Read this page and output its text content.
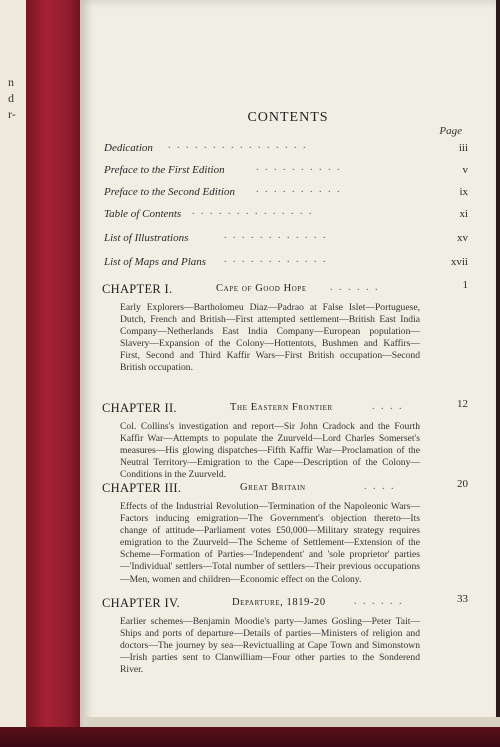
n
d
r-	CONTENTS
Page
Dedication . . . . . . . . . . . . . . . .	iii
Preface to the First Edition	. . . . . . . . . .	v
Preface to the Second Edition . . . . . . . . . .	ix
Table of Contents . . . . . . . . . . . . . .	xi
List of Illustrations	. . . . . . . . . . . .	xv
List of Maps and Plans . . . . . . . . . . . .	xvii
CHAPTER I.	Cape of Good Hope . . . . . .	1
Early Explorers—Bartholomeu Diaz—Padrao at False Islet—Portuguese, Dutch, French and British—First attempted settlement—British East India Company—Netherlands East India Company—European population—Slavery—Expansion of the Colony—Hottentots, Bushmen and Kaffirs—First, Second and Third Kaffir Wars—First British occupation—Second British occupation.
CHAPTER II.	The Eastern Frontier	. . . .	12
Col. Collins's investigation and report—Sir John Cradock and the Fourth Kaffir War—Attempts to populate the Zuurveld—Lord Charles Somerset's measures—His glowing dispatches—Fifth Kaffir War—Proclamation of the Neutral Territory—Emigration to the Cape—Description of the Colony—Conditions in the Zuurveld.
CHAPTER III.	Great Britain	. . . .	20
Effects of the Industrial Revolution—Termination of the Napoleonic Wars—Factors inducing emigration—The Government's objection thereto—Its change of attitude—Parliament votes £50,000—Military strategy requires emigration to the Zuurveld—The Scheme of Settlement—Extension of the Scheme—Formation of Parties—'Independent' and 'sole proprietor' parties—'Individual' settlers—Total number of settlers—Their previous occupations—Men, women and children—Economic effect on the Colony.
CHAPTER IV.	Departure, 1819-20	. . . . . .	33
Earlier schemes—Benjamin Moodie's party—James Gosling—Peter Tait—Ships and ports of departure—Details of parties—Ministers of religion and doctors—The journey by sea—Revictualling at Cape Town and Simonstown—Irish parties sent to Clanwilliam—Four other parties to the Sonderend River.
